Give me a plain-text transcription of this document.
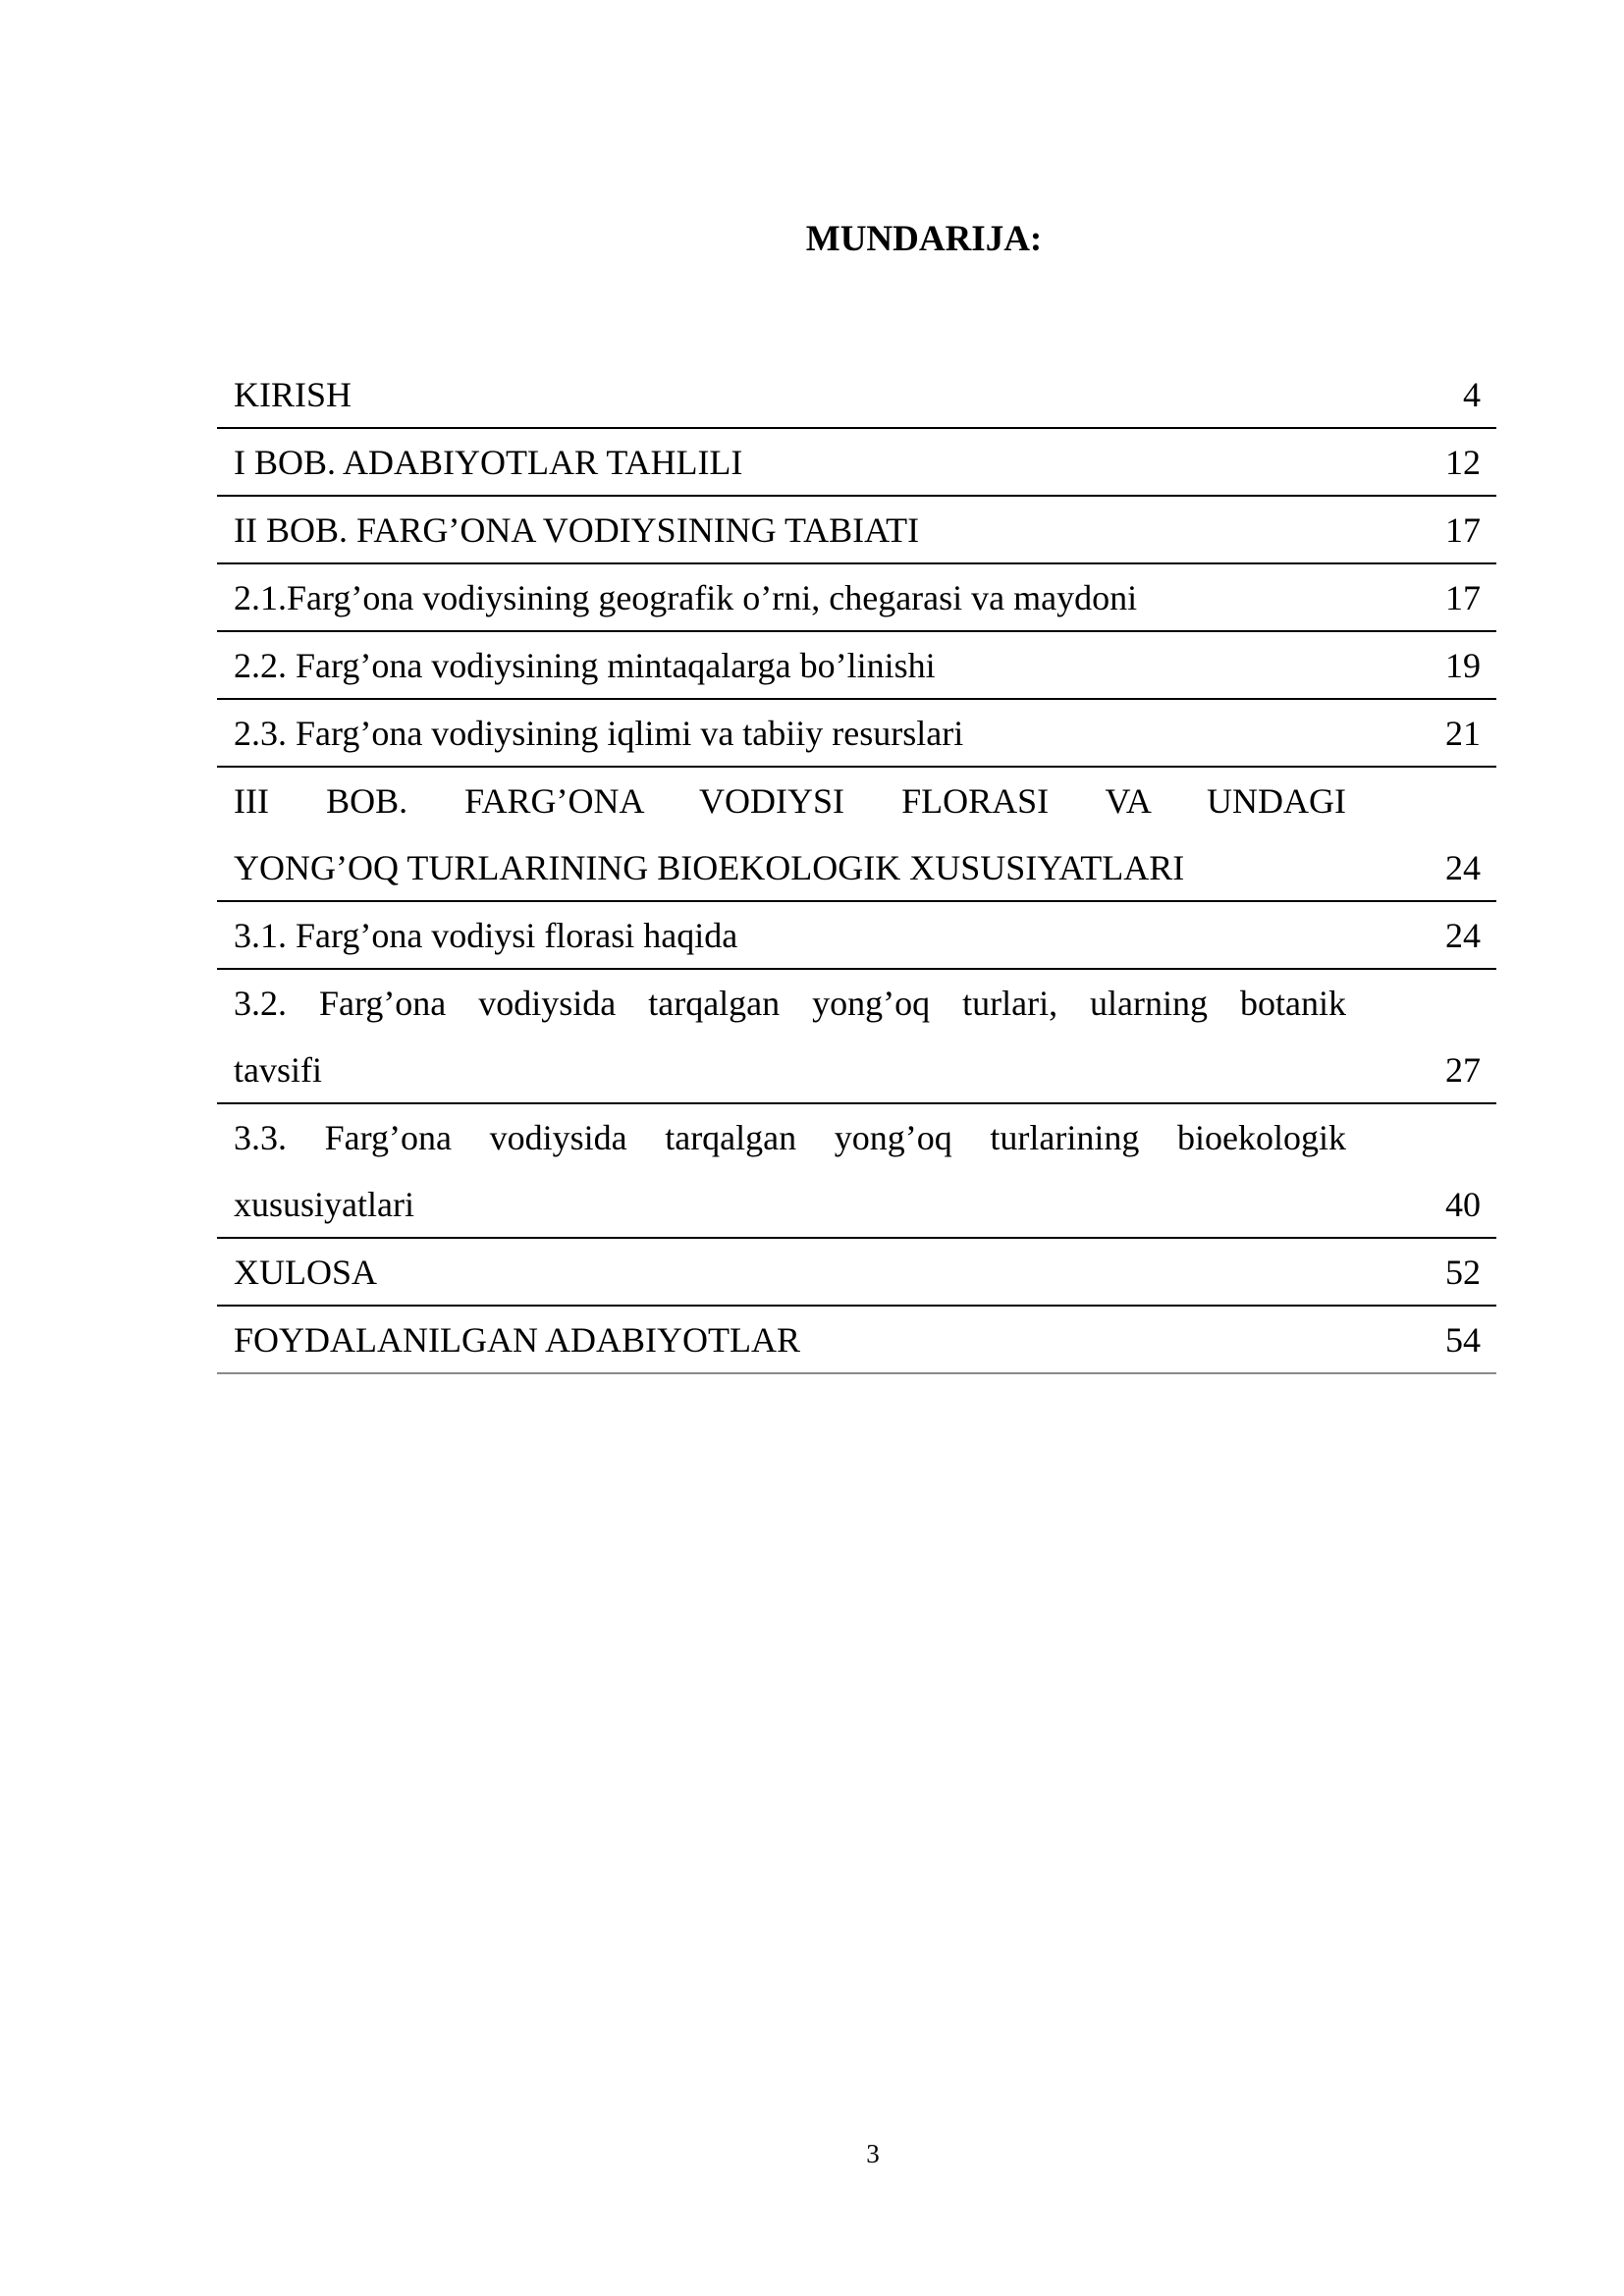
MUNDARIJA:
KIRISH	4
I BOB. ADABIYOTLAR TAHLILI	12
II BOB. FARG’ONA VODIYSINING TABIATI	17
2.1.Farg’ona vodiysining geografik o’rni, chegarasi va maydoni	17
2.2. Farg’ona vodiysining mintaqalarga bo’linishi	19
2.3. Farg’ona vodiysining iqlimi va tabiiy resurslari	21
III BOB. FARG’ONA VODIYSI FLORASI VA UNDAGI
YONG’OQ TURLARINING BIOEKOLOGIK XUSUSIYATLARI	24
3.1. Farg’ona vodiysi florasi haqida	24
3.2. Farg’ona vodiysida tarqalgan yong’oq turlari, ularning botanik
tavsifi	27
3.3. Farg’ona vodiysida tarqalgan yong’oq turlarining bioekologik
xususiyatlari	40
XULOSA	52
FOYDALANILGAN ADABIYOTLAR	54
3
